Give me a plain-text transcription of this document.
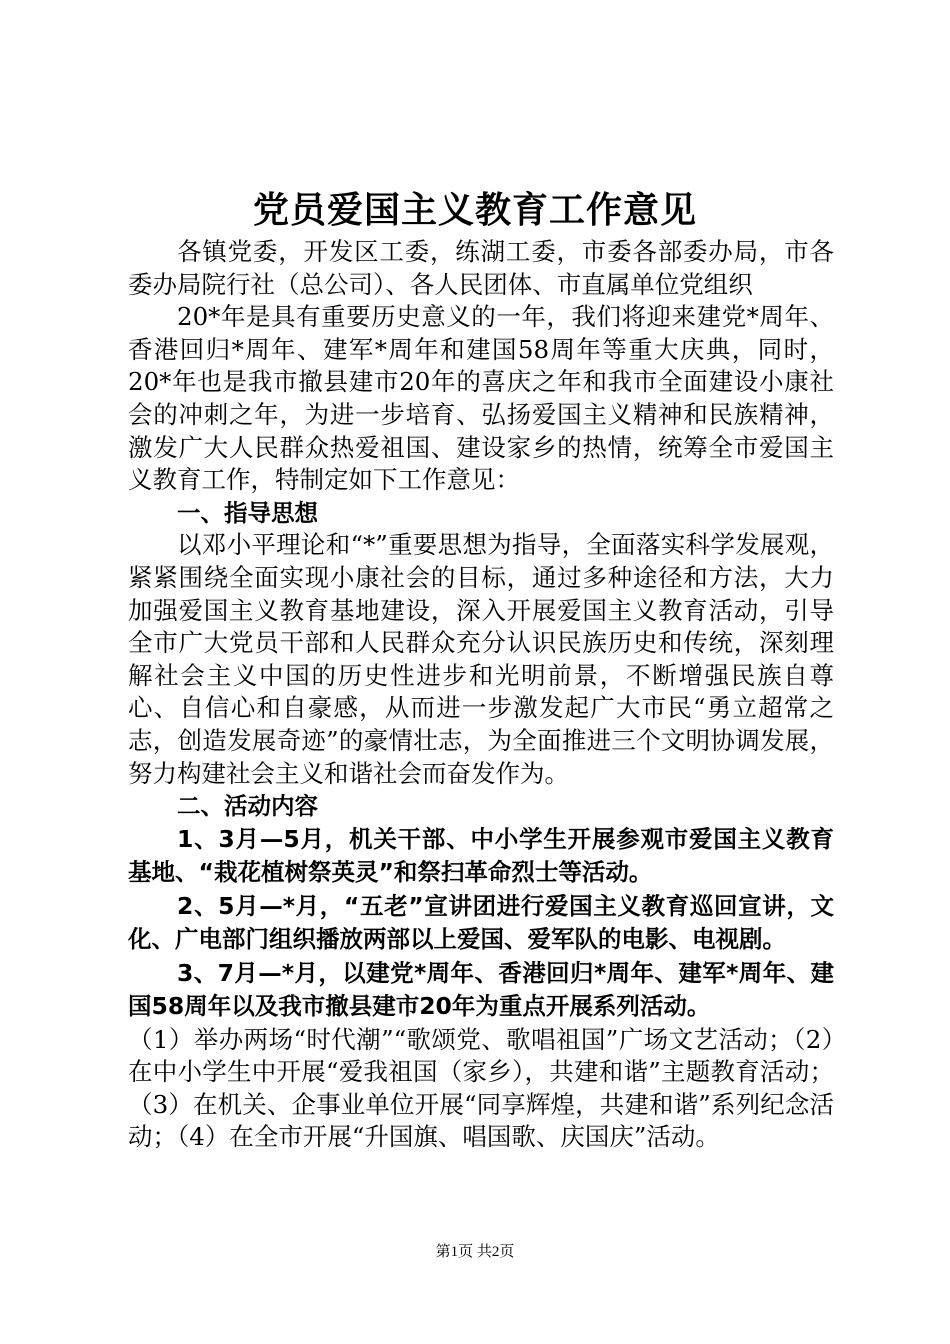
党员爱国主义教育工作意见

各镇党委，开发区工委，练湖工委，市委各部委办局，市各委办局院行社（总公司）、各人民团体、市直属单位党组织

20*年是具有重要历史意义的一年，我们将迎来建党*周年、香港回归*周年、建军*周年和建国58周年等重大庆典，同时，20*年也是我市撤县建市20年的喜庆之年和我市全面建设小康社会的冲刺之年，为进一步培育、弘扬爱国主义精神和民族精神，激发广大人民群众热爱祖国、建设家乡的热情，统筹全市爱国主义教育工作，特制定如下工作意见：

一、指导思想

以邓小平理论和“*”重要思想为指导，全面落实科学发展观，紧紧围绕全面实现小康社会的目标，通过多种途径和方法，大力加强爱国主义教育基地建设，深入开展爱国主义教育活动，引导全市广大党员干部和人民群众充分认识民族历史和传统，深刻理解社会主义中国的历史性进步和光明前景，不断增强民族自尊心、自信心和自豪感，从而进一步激发起广大市民“勇立超常之志，创造发展奇迹”的豪情壮志，为全面推进三个文明协调发展，努力构建社会主义和谐社会而奋发作为。

二、活动内容

1、3月—5月，机关干部、中小学生开展参观市爱国主义教育基地、“栽花植树祭英灵”和祭扫革命烈士等活动。

2、5月—*月，“五老”宣讲团进行爱国主义教育巡回宣讲，文化、广电部门组织播放两部以上爱国、爱军队的电影、电视剧。

3、7月—*月，以建党*周年、香港回归*周年、建军*周年、建国58周年以及我市撤县建市20年为重点开展系列活动。

（1）举办两场“时代潮”“歌颂党、歌唱祖国”广场文艺活动；（2）在中小学生中开展“爱我祖国（家乡），共建和谐”主题教育活动；（3）在机关、企事业单位开展“同享辉煌，共建和谐”系列纪念活动；（4）在全市开展“升国旗、唱国歌、庆国庆”活动。

第1页 共2页
